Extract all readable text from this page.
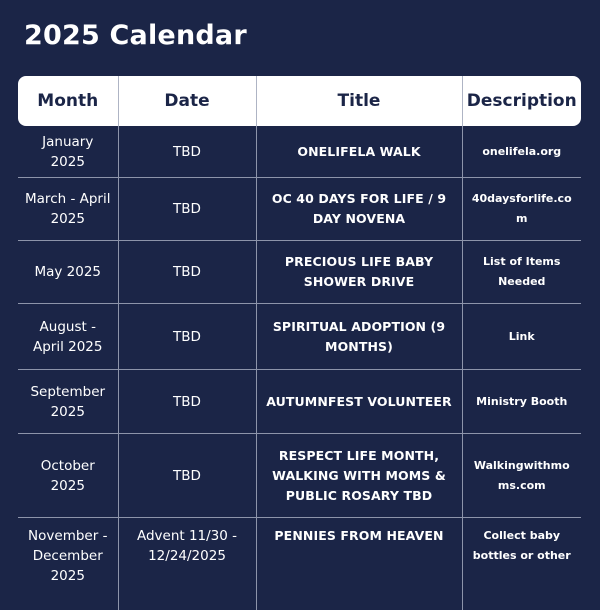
2025 Calendar
Month	Date	Title	Description
January 2025	TBD	ONELIFELA WALK	onelifela.org
March - April 2025	TBD	OC 40 DAYS FOR LIFE / 9 DAY NOVENA	40daysforlife.com
May 2025	TBD	PRECIOUS LIFE BABY SHOWER DRIVE	List of Items Needed
August - April 2025	TBD	SPIRITUAL ADOPTION (9 MONTHS)	Link
September 2025	TBD	AUTUMNFEST VOLUNTEER	Ministry Booth
October 2025	TBD	RESPECT LIFE MONTH, WALKING WITH MOMS & PUBLIC ROSARY TBD	Walkingwithmoms.com
November - December 2025	Advent 11/30 - 12/24/2025	PENNIES FROM HEAVEN	Collect baby bottles or other
